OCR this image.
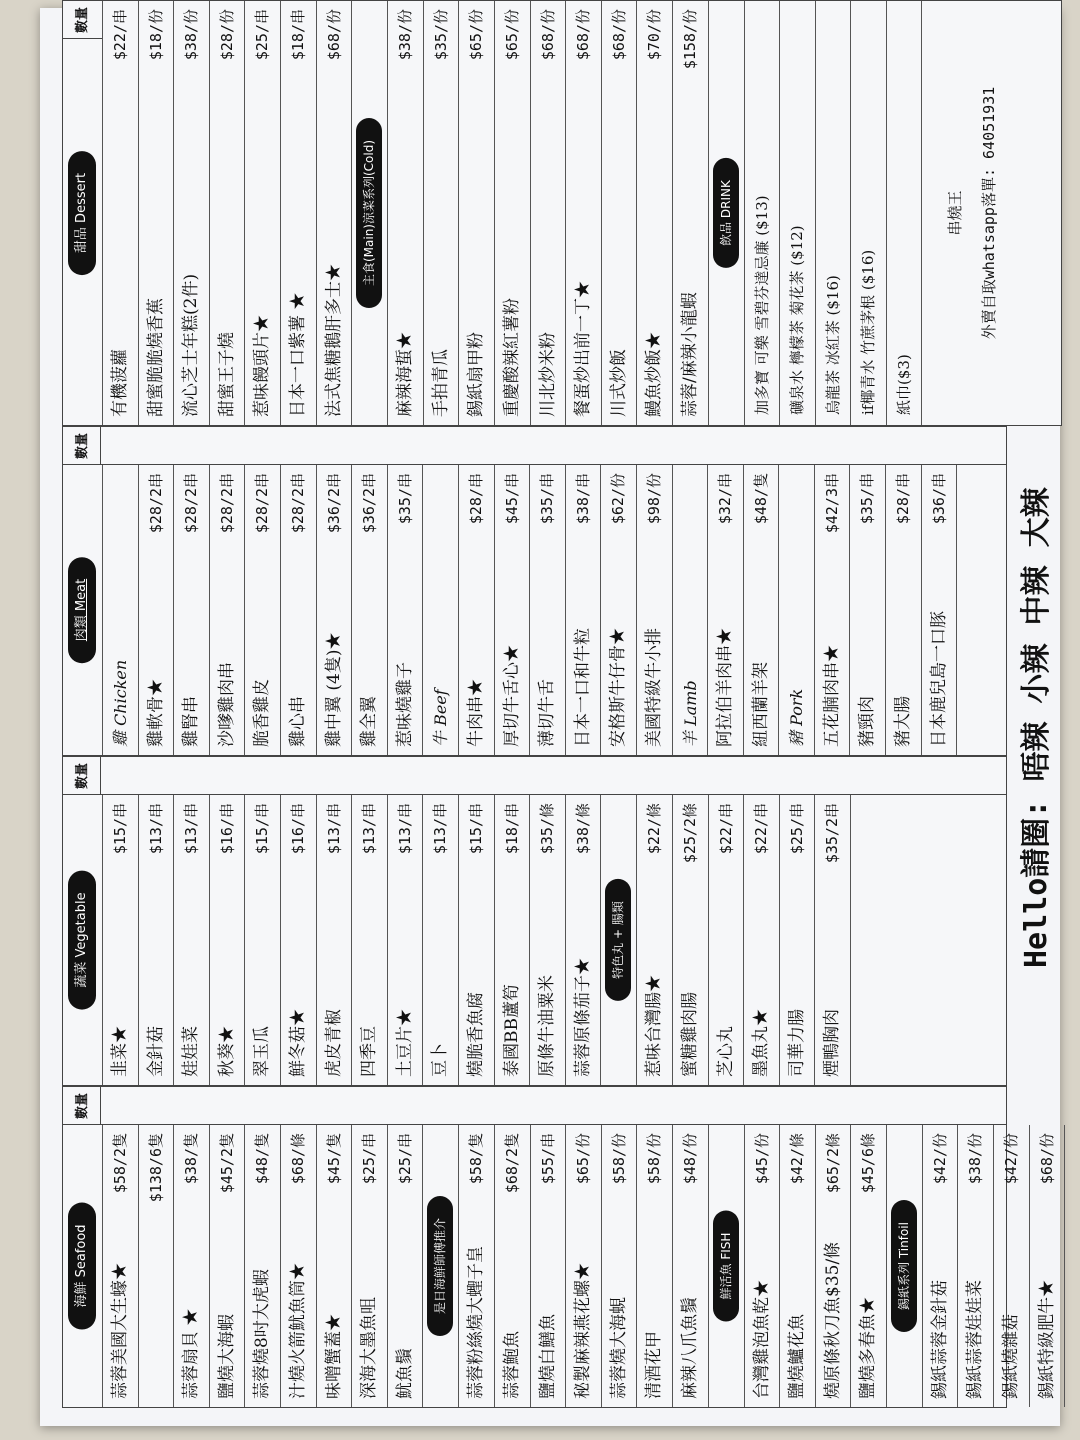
數量
海鮮 Seafood	蒜蓉美國大生蠔★
$58/2隻	$138/6隻
蒜蓉扇貝 ★
$38/隻
鹽燒大海蝦
$45/2隻
蒜蓉燒8吋大虎蝦
$48/隻
汁燒火箭魷魚筒★
$68/條
味噌蟹蓋★
$45/隻
深海大墨魚咀
$25/串
魷魚鬚
$25/串
是日海鮮師傅推介	蒜蓉粉絲燒大蟶子皇
$58/隻
蒜蓉鮑魚
$68/2隻
鹽燒白鱔魚
$55/串
秘製麻辣燕花螺★
$65/份
蒜蓉燒大海蜆
$58/份
清酒花甲
$58/份
麻辣八爪魚鬚
$48/份
鮮活魚 FISH
台灣雞泡魚乾★
$45/份
鹽燒鱸花魚
$42/條
燒原條秋刀魚$35/條
$65/2條
鹽燒多春魚★
$45/6條
錫紙系列 Tinfoil
錫紙蒜蓉金針菇
$42/份
錫紙蒜蓉娃娃菜
$38/份
錫紙燒雜菇
$42/份
錫紙特級肥牛★
$68/份
數量
蔬菜 Vegetable
韭菜★
$15/串
金針菇
$13/串
娃娃菜
$13/串
秋葵★
$16/串
翠玉瓜
$15/串
鮮冬菇★
$16/串
虎皮青椒
$13/串
四季豆
$13/串
土豆片★
$13/串
豆卜
$13/串
燒脆香魚腐
$15/串
泰國BB蘆筍
$18/串
原條牛油粟米
$35/條
蒜蓉原條茄子★
$38/條
特色丸 + 腸類
惹味台灣腸★
$22/條
蜜糖雞肉腸
$25/2條
芝心丸
$22/串
墨魚丸★
$22/串
司華力腸
$25/串
煙鴨胸肉
$35/2串
數量
肉類 Meat
雞 Chicken 雞軟骨★
$28/2串
雞腎串
$28/2串
沙嗲雞肉串
$28/2串
脆香雞皮
$28/2串
雞心串
$28/2串
雞中翼 (4隻)★
$36/2串
雞全翼
$36/2串
惹味燒雞子
$35/串
牛 Beef 牛肉串★
$28/串
厚切牛舌心★
$45/串
薄切牛舌
$35/串
日本一口和牛粒
$38/串
安格斯牛仔骨★
$62/份
美國特級牛小排
$98/份
羊 Lamb 阿拉伯羊肉串★
$32/串
紐西蘭羊架
$48/隻
豬 Pork 五花腩肉串★
$42/3串
豬頸肉
$35/串
豬大腸
$28/串
日本鹿兒島一口豚
$36/串
數量
甜品 Dessert
有機菠蘿
$22/串
甜蜜脆脆燒香蕉
$18/份
流心芝士年糕(2件)
$38/份
甜蜜王子燒
$28/份
惹味饅頭片★
$25/串
日本一口紫薯 ★
$18/串
法式焦糖鵝肝多士★
$68/份
主食(Main)涼菜系列(Cold)
麻辣海蜇★
$38/份
手拍青瓜
$35/份
錫紙扇甲粉
$65/份
重慶酸辣紅薯粉
$65/份
川北炒米粉
$68/份
餐蛋炒出前一丁★
$68/份
川式炒飯
$68/份
鰻魚炒飯★
$70/份
蒜蓉/麻辣小龍蝦
$158/份
飲品 DRINK	加多寶 可樂 雪碧芬達忌廉 ($13)	礦泉水 檸檬茶 菊花茶 ($12)	烏龍茶 冰紅茶 ($16)	if椰青水 竹蔗茅根 ($16)	紙巾($3)
串燒王	外賣自取whatsapp落單: 64051931
Hello請圈: 唔辣 小辣 中辣 大辣
